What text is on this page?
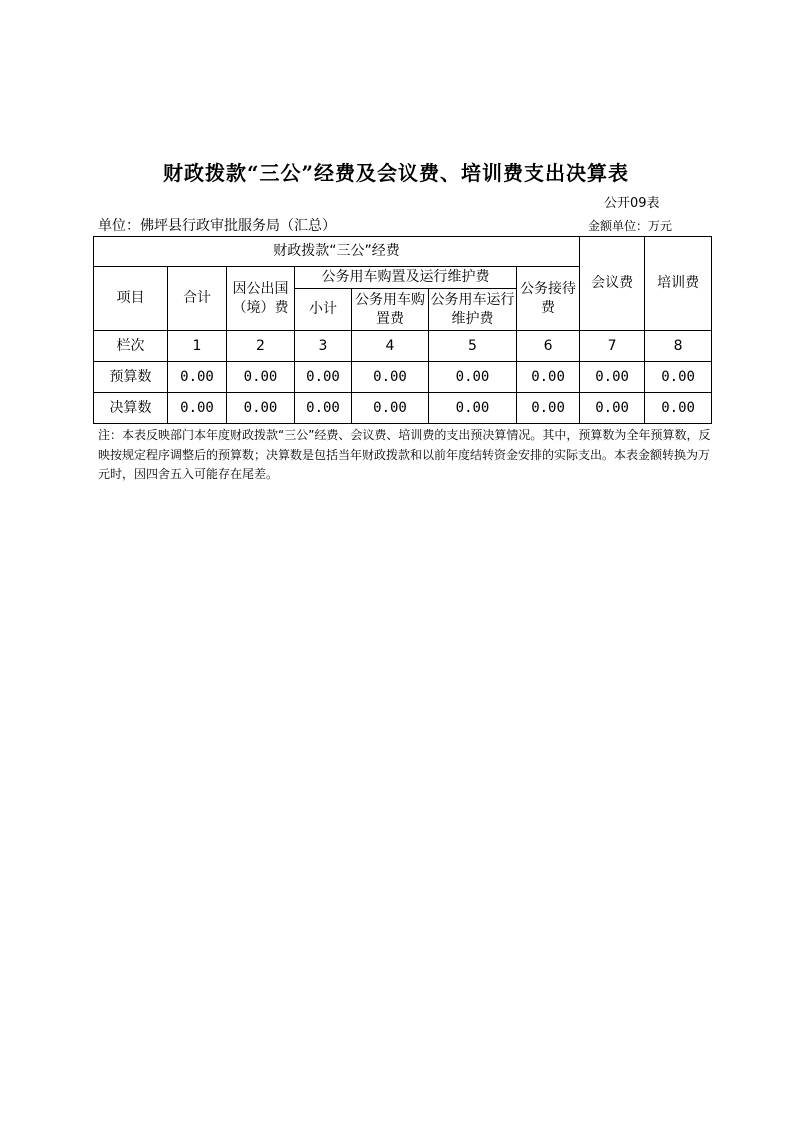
财政拨款“三公”经费及会议费、培训费支出决算表
公开09表
单位：佛坪县行政审批服务局（汇总）	金额单位：万元
财政拨款“三公”经费							会议费	培训费
项目	合计	因公出国（境）费	公务用车购置及运行维护费			公务接待费		
			小计	公务用车购置费	公务用车运行维护费			
栏次	1	2	3	4	5	6	7	8
预算数	0.00	0.00	0.00	0.00	0.00	0.00	0.00	0.00
决算数	0.00	0.00	0.00	0.00	0.00	0.00	0.00	0.00
注：本表反映部门本年度财政拨款“三公”经费、会议费、培训费的支出预决算情况。其中，预算数为全年预算数，反映按规定程序调整后的预算数；决算数是包括当年财政拨款和以前年度结转资金安排的实际支出。本表金额转换为万元时，因四舍五入可能存在尾差。
